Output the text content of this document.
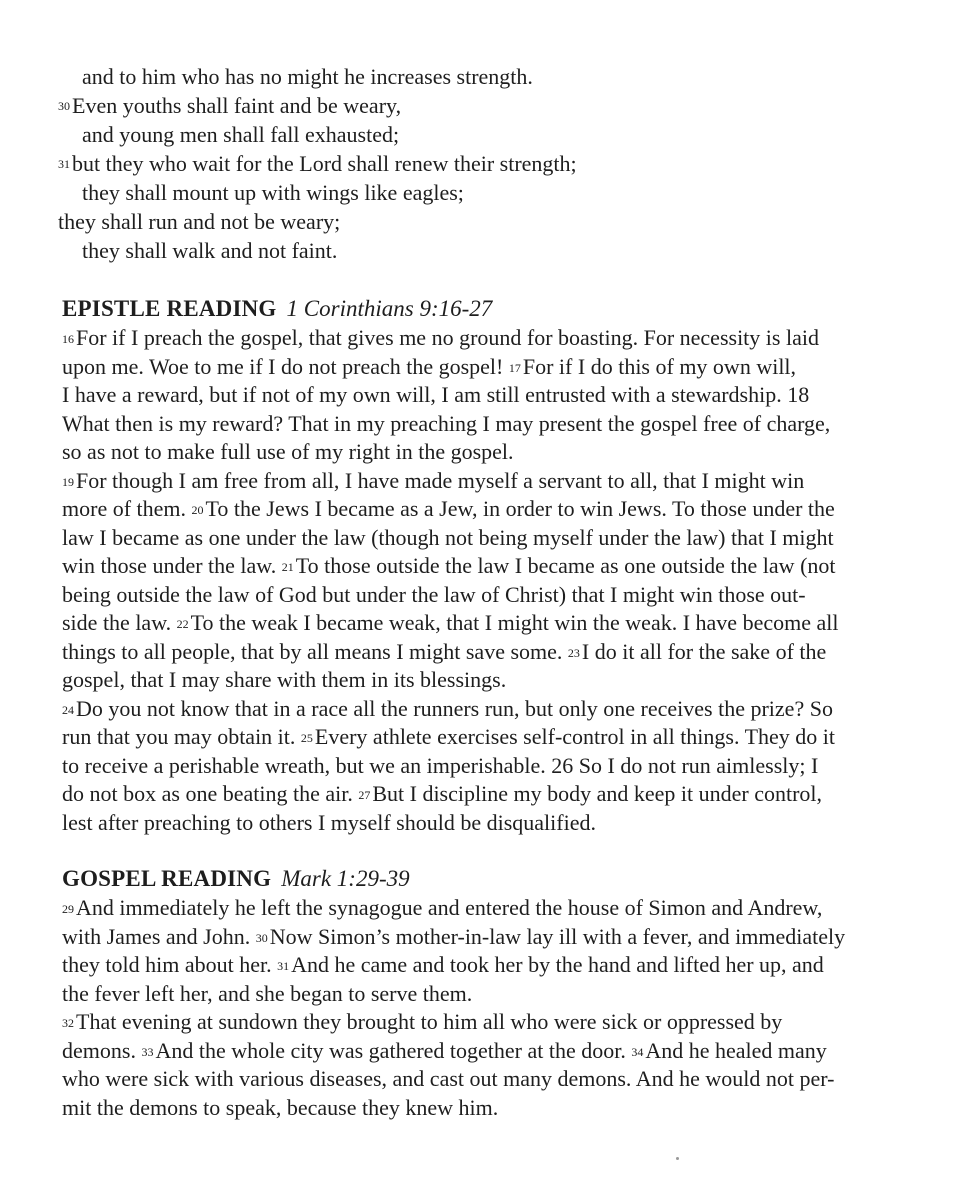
and to him who has no might he increases strength.
$^{30}$Even youths shall faint and be weary,
and young men shall fall exhausted;
$^{31}$but they who wait for the Lord shall renew their strength;
they shall mount up with wings like eagles;
they shall run and not be weary;
they shall walk and not faint.
EPISTLE READING 1 Corinthians 9:16-27
$^{16}$For if I preach the gospel, that gives me no ground for boasting. For necessity is laid
upon me. Woe to me if I do not preach the gospel! $^{17}$For if I do this of my own will,
I have a reward, but if not of my own will, I am still entrusted with a stewardship. 18
What then is my reward? That in my preaching I may present the gospel free of charge,
so as not to make full use of my right in the gospel.
$^{19}$For though I am free from all, I have made myself a servant to all, that I might win
more of them. $^{20}$To the Jews I became as a Jew, in order to win Jews. To those under the
law I became as one under the law (though not being myself under the law) that I might
win those under the law. $^{21}$To those outside the law I became as one outside the law (not
being outside the law of God but under the law of Christ) that I might win those out-
side the law. $^{22}$To the weak I became weak, that I might win the weak. I have become all
things to all people, that by all means I might save some. $^{23}$I do it all for the sake of the
gospel, that I may share with them in its blessings.
$^{24}$Do you not know that in a race all the runners run, but only one receives the prize? So
run that you may obtain it. $^{25}$Every athlete exercises self-control in all things. They do it
to receive a perishable wreath, but we an imperishable. 26 So I do not run aimlessly; I
do not box as one beating the air. $^{27}$But I discipline my body and keep it under control,
lest after preaching to others I myself should be disqualified.
GOSPEL READING Mark 1:29-39
$^{29}$And immediately he left the synagogue and entered the house of Simon and Andrew,
with James and John. $^{30}$Now Simon’s mother-in-law lay ill with a fever, and immediately
they told him about her. $^{31}$And he came and took her by the hand and lifted her up, and
the fever left her, and she began to serve them.
$^{32}$That evening at sundown they brought to him all who were sick or oppressed by
demons. $^{33}$And the whole city was gathered together at the door. $^{34}$And he healed many
who were sick with various diseases, and cast out many demons. And he would not per-
mit the demons to speak, because they knew him.
